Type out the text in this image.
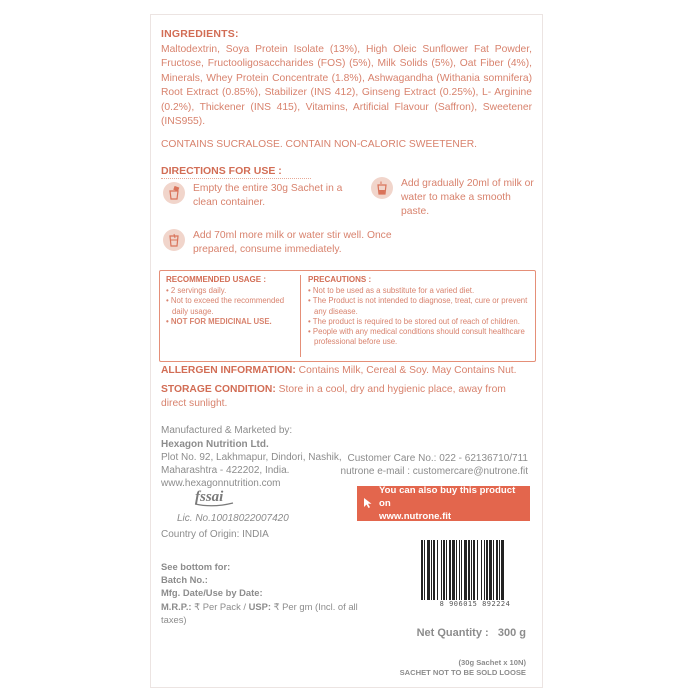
INGREDIENTS:
Maltodextrin, Soya Protein Isolate (13%), High Oleic Sunflower Fat Powder, Fructose, Fructooligosaccharides (FOS) (5%), Milk Solids (5%), Oat Fiber (4%), Minerals, Whey Protein Concentrate (1.8%), Ashwagandha (Withania somnifera) Root Extract (0.85%), Stabilizer (INS 412), Ginseng Extract (0.25%), L- Arginine (0.2%), Thickener (INS 415), Vitamins, Artificial Flavour (Saffron), Sweetener (INS955).
CONTAINS SUCRALOSE. CONTAIN NON-CALORIC SWEETENER.
DIRECTIONS FOR USE :
Empty the entire 30g Sachet in a clean container.
Add gradually 20ml of milk or water to make a smooth paste.
Add 70ml more milk or water stir well. Once prepared, consume immediately.
RECOMMENDED USAGE :
• 2 servings daily.
• Not to exceed the recommended daily usage.
• NOT FOR MEDICINAL USE.
PRECAUTIONS :
• Not to be used as a substitute for a varied diet.
• The Product is not intended to diagnose, treat, cure or prevent any disease.
• The product is required to be stored out of reach of children.
• People with any medical conditions should consult healthcare professional before use.
ALLERGEN INFORMATION: Contains Milk, Cereal & Soy. May Contains Nut.
STORAGE CONDITION: Store in a cool, dry and hygienic place, away from direct sunlight.
Manufactured & Marketed by:
Hexagon Nutrition Ltd.
Plot No. 92, Lakhmapur, Dindori, Nashik,
Maharashtra - 422202, India.
www.hexagonnutrition.com
Customer Care No.: 022 - 62136710/711
nutrone e-mail : customercare@nutrone.fit
You can also buy this product on
www.nutrone.fit
fssai
Lic. No.10018022007420
Country of Origin: INDIA
See bottom for:
Batch No.:
Mfg. Date/Use by Date:
M.R.P.: ₹ Per Pack / USP: ₹ Per gm (Incl. of all taxes)
8 906015 892224
Net Quantity : 300 g
(30g Sachet x 10N)
SACHET NOT TO BE SOLD LOOSE
